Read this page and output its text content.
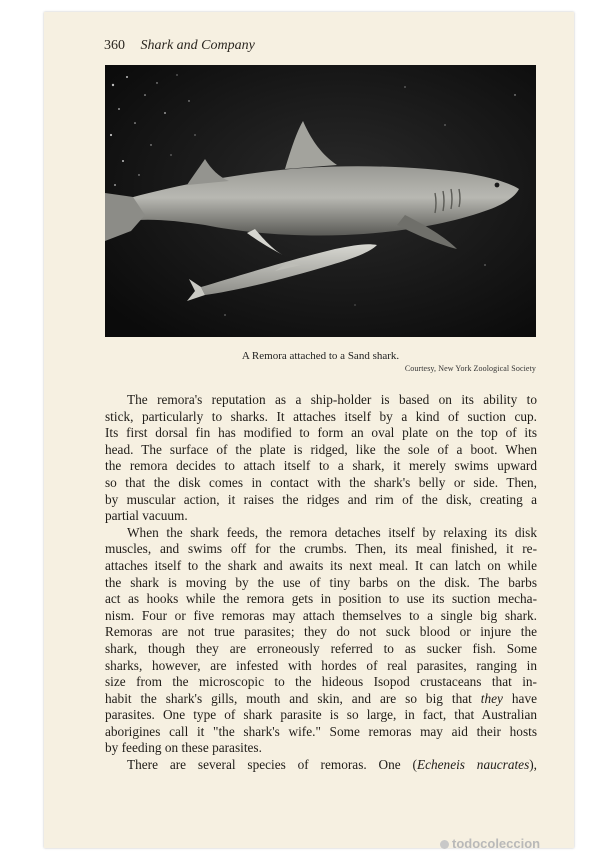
360 Shark and Company
A Remora attached to a Sand shark.
Courtesy, New York Zoological Society
The remora's reputation as a ship-holder is based on its ability to
stick, particularly to sharks. It attaches itself by a kind of suction cup.
Its first dorsal fin has modified to form an oval plate on the top of its
head. The surface of the plate is ridged, like the sole of a boot. When
the remora decides to attach itself to a shark, it merely swims upward
so that the disk comes in contact with the shark's belly or side. Then,
by muscular action, it raises the ridges and rim of the disk, creating a
partial vacuum.
When the shark feeds, the remora detaches itself by relaxing its disk
muscles, and swims off for the crumbs. Then, its meal finished, it re-
attaches itself to the shark and awaits its next meal. It can latch on while
the shark is moving by the use of tiny barbs on the disk. The barbs
act as hooks while the remora gets in position to use its suction mecha-
nism. Four or five remoras may attach themselves to a single big shark.
Remoras are not true parasites; they do not suck blood or injure the
shark, though they are erroneously referred to as sucker fish. Some
sharks, however, are infested with hordes of real parasites, ranging in
size from the microscopic to the hideous Isopod crustaceans that in-
habit the shark's gills, mouth and skin, and are so big that they have
parasites. One type of shark parasite is so large, in fact, that Australian
aborigines call it "the shark's wife." Some remoras may aid their hosts
by feeding on these parasites.
There are several species of remoras. One (Echeneis naucrates),
todocoleccion
